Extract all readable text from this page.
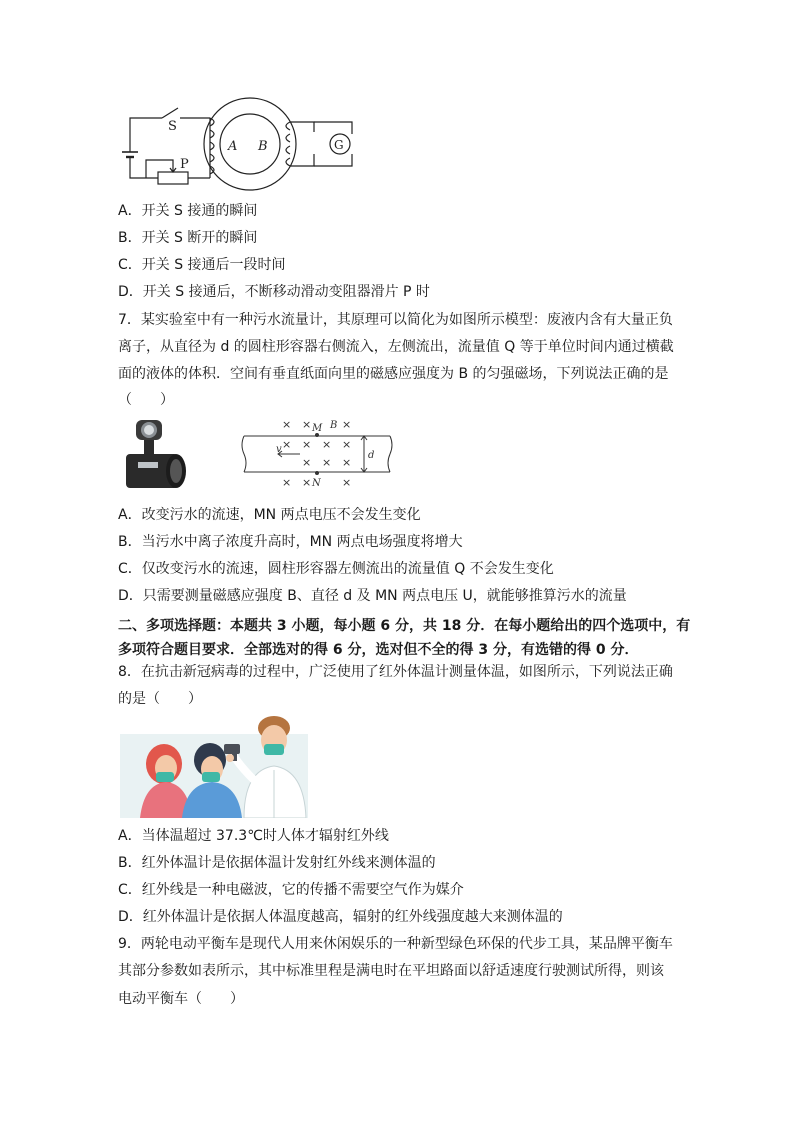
S
P
A B	G
A．开关 S 接通的瞬间
B．开关 S 断开的瞬间
C．开关 S 接通后一段时间
D．开关 S 接通后，不断移动滑动变阻器滑片 P 时
7．某实验室中有一种污水流量计，其原理可以简化为如图所示模型：废液内含有大量正负
离子，从直径为 d 的圆柱形容器右侧流入，左侧流出，流量值 Q 等于单位时间内通过横截
面的液体的体积．空间有垂直纸面向里的磁感应强度为 B 的匀强磁场，下列说法正确的是
（　　）
× ×	×
× × × ×
× × ×
× ×	×
M B
N
v
d
A．改变污水的流速，MN 两点电压不会发生变化
B．当污水中离子浓度升高时，MN 两点电场强度将增大
C．仅改变污水的流速，圆柱形容器左侧流出的流量值 Q 不会发生变化
D．只需要测量磁感应强度 B、直径 d 及 MN 两点电压 U，就能够推算污水的流量
二、多项选择题：本题共 3 小题，每小题 6 分，共 18 分．在每小题给出的四个选项中，有
多项符合题目要求．全部选对的得 6 分，选对但不全的得 3 分，有选错的得 0 分．
8．在抗击新冠病毒的过程中，广泛使用了红外体温计测量体温，如图所示，下列说法正确
的是（　　）
A．当体温超过 37.3℃时人体才辐射红外线
B．红外体温计是依据体温计发射红外线来测体温的
C．红外线是一种电磁波，它的传播不需要空气作为媒介
D．红外体温计是依据人体温度越高，辐射的红外线强度越大来测体温的
9．两轮电动平衡车是现代人用来休闲娱乐的一种新型绿色环保的代步工具，某品牌平衡车
其部分参数如表所示，其中标准里程是满电时在平坦路面以舒适速度行驶测试所得，则该
电动平衡车（　　）
